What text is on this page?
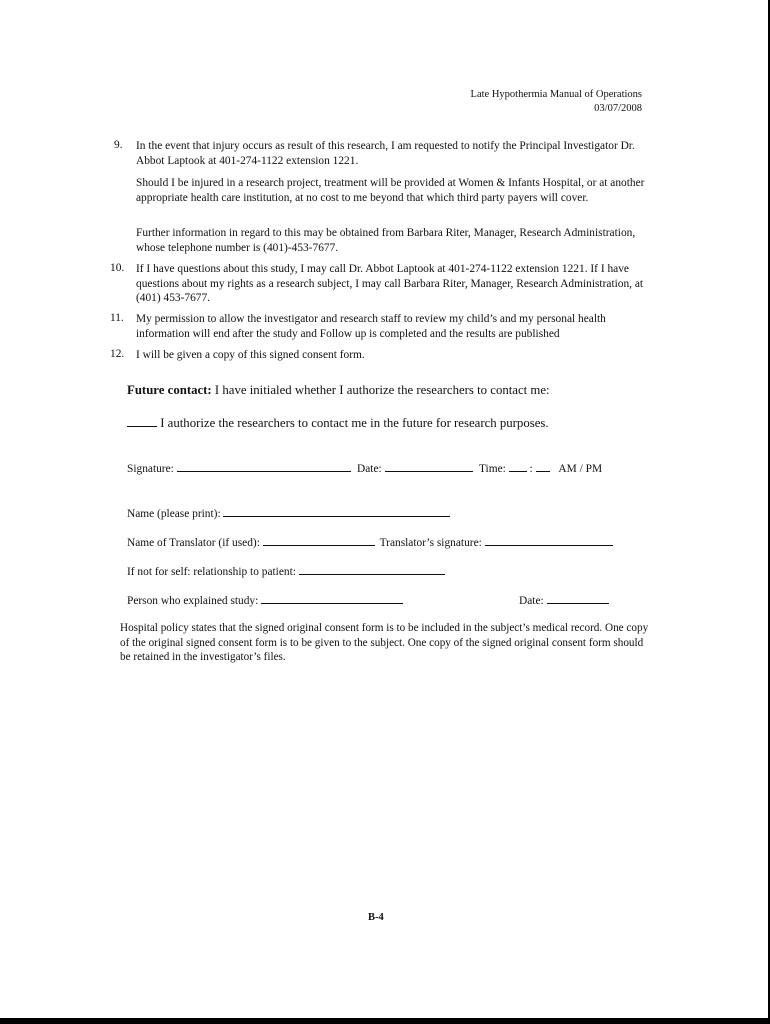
Late Hypothermia Manual of Operations
03/07/2008
9. In the event that injury occurs as result of this research, I am requested to notify the Principal Investigator Dr. Abbot Laptook at 401-274-1122 extension 1221.
Should I be injured in a research project, treatment will be provided at Women & Infants Hospital, or at another appropriate health care institution, at no cost to me beyond that which third party payers will cover.
Further information in regard to this may be obtained from Barbara Riter, Manager, Research Administration, whose telephone number is (401)-453-7677.
10. If I have questions about this study, I may call Dr. Abbot Laptook at 401-274-1122 extension 1221. If I have questions about my rights as a research subject, I may call Barbara Riter, Manager, Research Administration, at (401) 453-7677.
11. My permission to allow the investigator and research staff to review my child’s and my personal health information will end after the study and Follow up is completed and the results are published
12. I will be given a copy of this signed consent form.
Future contact: I have initialed whether I authorize the researchers to contact me:
I authorize the researchers to contact me in the future for research purposes.
Signature:	Date:	Time: : AM / PM
Name (please print):
Name of Translator (if used):	Translator’s signature:
If not for self: relationship to patient:
Person who explained study:	Date:
Hospital policy states that the signed original consent form is to be included in the subject’s medical record. One copy of the original signed consent form is to be given to the subject. One copy of the signed original consent form should be retained in the investigator’s files.
B-4
